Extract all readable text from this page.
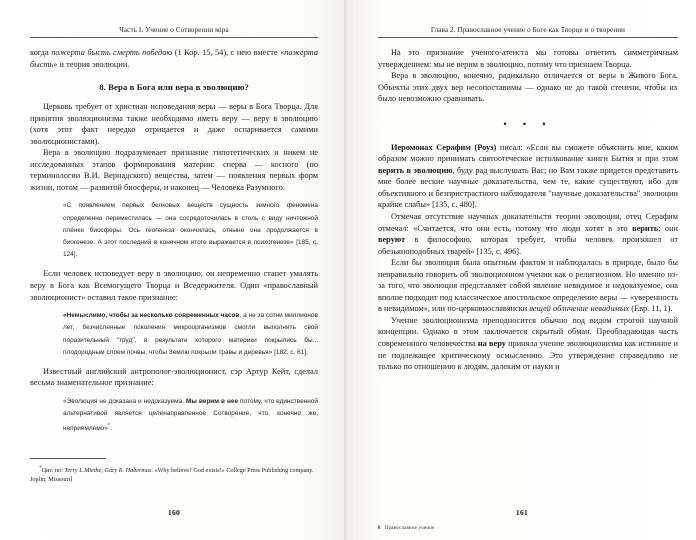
Часть I. Учение о Сотворении мiра

когда пожерта бысть смерть победою (1 Кор. 15, 54), с нею вместе «пожерта бысть» и теория эволюции.

8. Вера в Бога или вера в эволюцию?

Церковь требует от христиан исповедания веры — веры в Бога Творца. Для принятия эволюционизма также необходимо иметь веру — веру в эволюцию (хотя этот факт нередко отрицается и даже оспаривается самими эволюционистами).

Вера в эволюцию подразумевает признание гипотетических и никем не исследованных этапов формирования материи: сперва — косного (по терминологии В.И. Вернадского) вещества, затем — появления первых форм жизни, потом — развитой биосферы, и наконец — Человека Разумного.

«С появлением первых белковых веществ сущность земного феномена определенно переместилась — она сосредоточилась в столь с виду ничтожной плёнке биосферы. Ось геогенеза окончилась, отныне она продолжается в биогенезе. А этот последний в конечном итоге выражается в психогенезе» [185, с. 124].

Если человек исповедует веру в эволюцию, он непременно станет умалять веру в Бога как Всемогущего Творца и Вседержителя. Один «православный эволюционист» оставил такое признание:

«Немыслимо, чтобы за несколько современных часов, а не за сотни миллионов лет, безчисленные поколения микроорганизмов смогли выполнить свой поразительный "труд", в результате которого материки покрылись бы... плодородным слоем почвы, чтобы Землю покрыли травы и деревья» [182, с. 61].

Известный английский антрополог-эволюционист, сэр Артур Кейт, сделал весьма знаменательное признание:

«Эволюция не доказана и недоказуема. Мы верим в нее потому, что единственной альтернативой является целенаправленное Сотворение, что, конечно же, неприемлемо»*.

*Цит. по: Terry L.Miethe, Gary R. Habermas. «Why believe? God exists!» College Press Publishing company. Joplin, Missouri]

160
Глава 2. Православное учение о Боге как Творце и о творении

На это признание ученого-атеиста мы готовы ответить симметричным утверждением: мы не верим в эволюцию, потому что признаем Творца.

Вера в эволюцию, конечно, радикально отличается от веры в Живого Бога. Объекты этих двух вер несопоставимы — однако не до такой степени, чтобы их было невозможно сравнивать.

• • •

Иеромонах Серафим (Роуз) писал: «Если вы сможете объяснить мне, каким образом можно принимать святоотеческое истолкование книги Бытия и при этом верить в эволюцию, буду рад выслушать Вас; но Вам также придется представить мне более веские научные доказательства, чем те, какие существуют, ибо для объективного и безпристрастного наблюдателя "научные доказательства" эволюции крайне слабы» [135, с. 480].

Отмечая отсутствие научных доказательств теории эволюции, отец Серафим отмечал: «Считается, что они есть, потому что люди хотят в это верить; они веруют в философию, которая требует, чтобы человек произошел от обезьяноподобных тварей» [135, с. 496].

Если бы эволюция была опытным фактом и наблюдалась в природе, было бы неправильно говорить об эволюционном учении как о религиозном. Но именно из-за того, что эволюция представляет собой явление невидимое и недоказуемое, она вполне подходит под классическое апостольское определение веры — «уверенность в невидимом», или по-церковнославянски вещей обличение невидимых (Евр. 11, 1).

Учение эволюционизма преподносится обычно под видом строгой научной концепции. Однако в этом заключается скрытый обман. Преобладающая часть современного человечества на веру приняла учение эволюционизма как истинное и не подлежащее критическому осмыслению. Это утверждение справедливо не только по отношению к людям, далеким от науки и

161
8 Православное учение
